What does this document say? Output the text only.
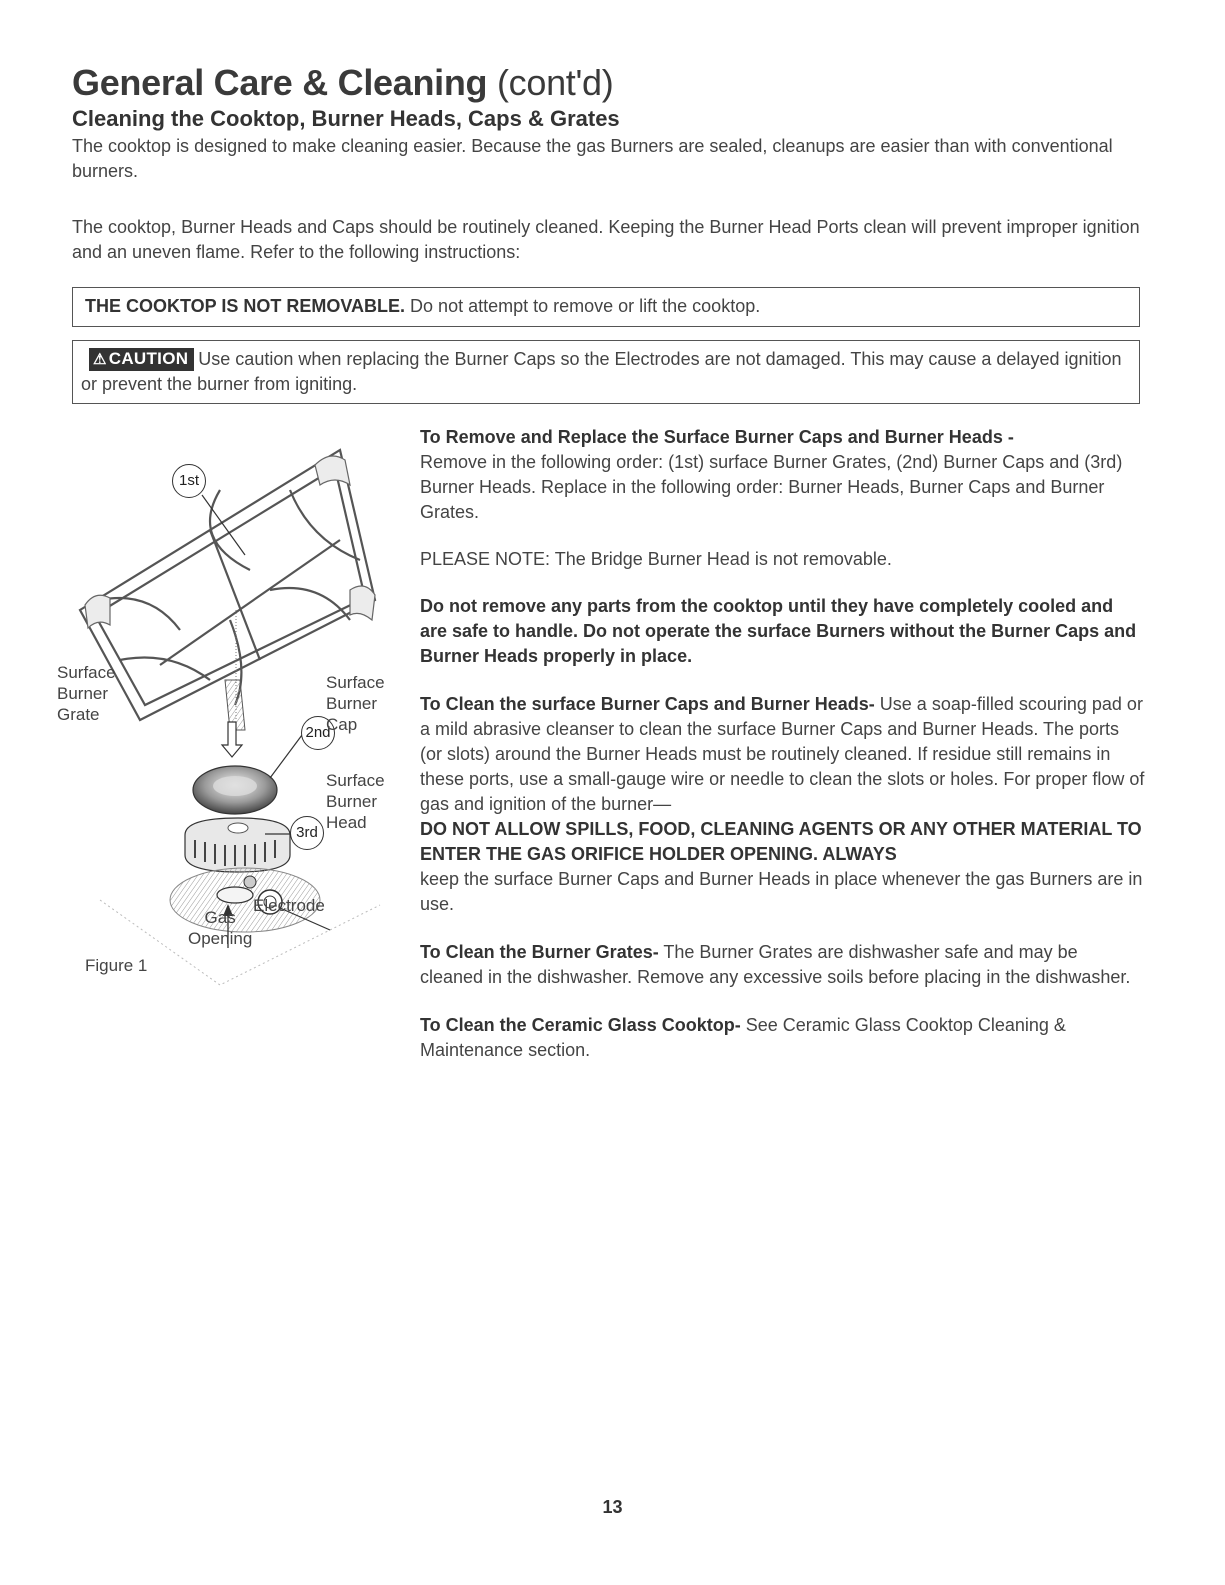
General Care & Cleaning (cont'd)
Cleaning the Cooktop, Burner Heads, Caps & Grates

The cooktop is designed to make cleaning easier. Because the gas Burners are sealed, cleanups are easier than with conventional burners.

The cooktop, Burner Heads and Caps should be routinely cleaned. Keeping the Burner Head Ports clean will prevent improper ignition and an uneven flame. Refer to the following instructions:

THE COOKTOP IS NOT REMOVABLE. Do not attempt to remove or lift the cooktop.
⚠ CAUTION Use caution when replacing the Burner Caps so the Electrodes are not damaged. This may cause a delayed ignition or prevent the burner from igniting.
1st
2nd
3rd
Surface
Burner
Grate
Surface
Burner
Cap
Surface
Burner
Head
Electrode
Gas
Opening
Figure 1

To Remove and Replace the Surface Burner Caps and Burner Heads -
Remove in the following order: (1st) surface Burner Grates, (2nd) Burner Caps and (3rd) Burner Heads. Replace in the following order: Burner Heads, Burner Caps and Burner Grates.

PLEASE NOTE: The Bridge Burner Head is not removable.

Do not remove any parts from the cooktop until they have completely cooled and are safe to handle. Do not operate the surface Burners without the Burner Caps and Burner Heads properly in place.

To Clean the surface Burner Caps and Burner Heads- Use a soap-filled scouring pad or a mild abrasive cleanser to clean the surface Burner Caps and Burner Heads. The ports (or slots) around the Burner Heads must be routinely cleaned. If residue still remains in these ports, use a small-gauge wire or needle to clean the slots or holes. For proper flow of gas and ignition of the burner—
DO NOT ALLOW SPILLS, FOOD, CLEANING AGENTS OR ANY OTHER MATERIAL TO ENTER THE GAS ORIFICE HOLDER OPENING. ALWAYS
keep the surface Burner Caps and Burner Heads in place whenever the gas Burners are in use.

To Clean the Burner Grates- The Burner Grates are dishwasher safe and may be cleaned in the dishwasher. Remove any excessive soils before placing in the dishwasher.

To Clean the Ceramic Glass Cooktop- See Ceramic Glass Cooktop Cleaning & Maintenance section.

13
